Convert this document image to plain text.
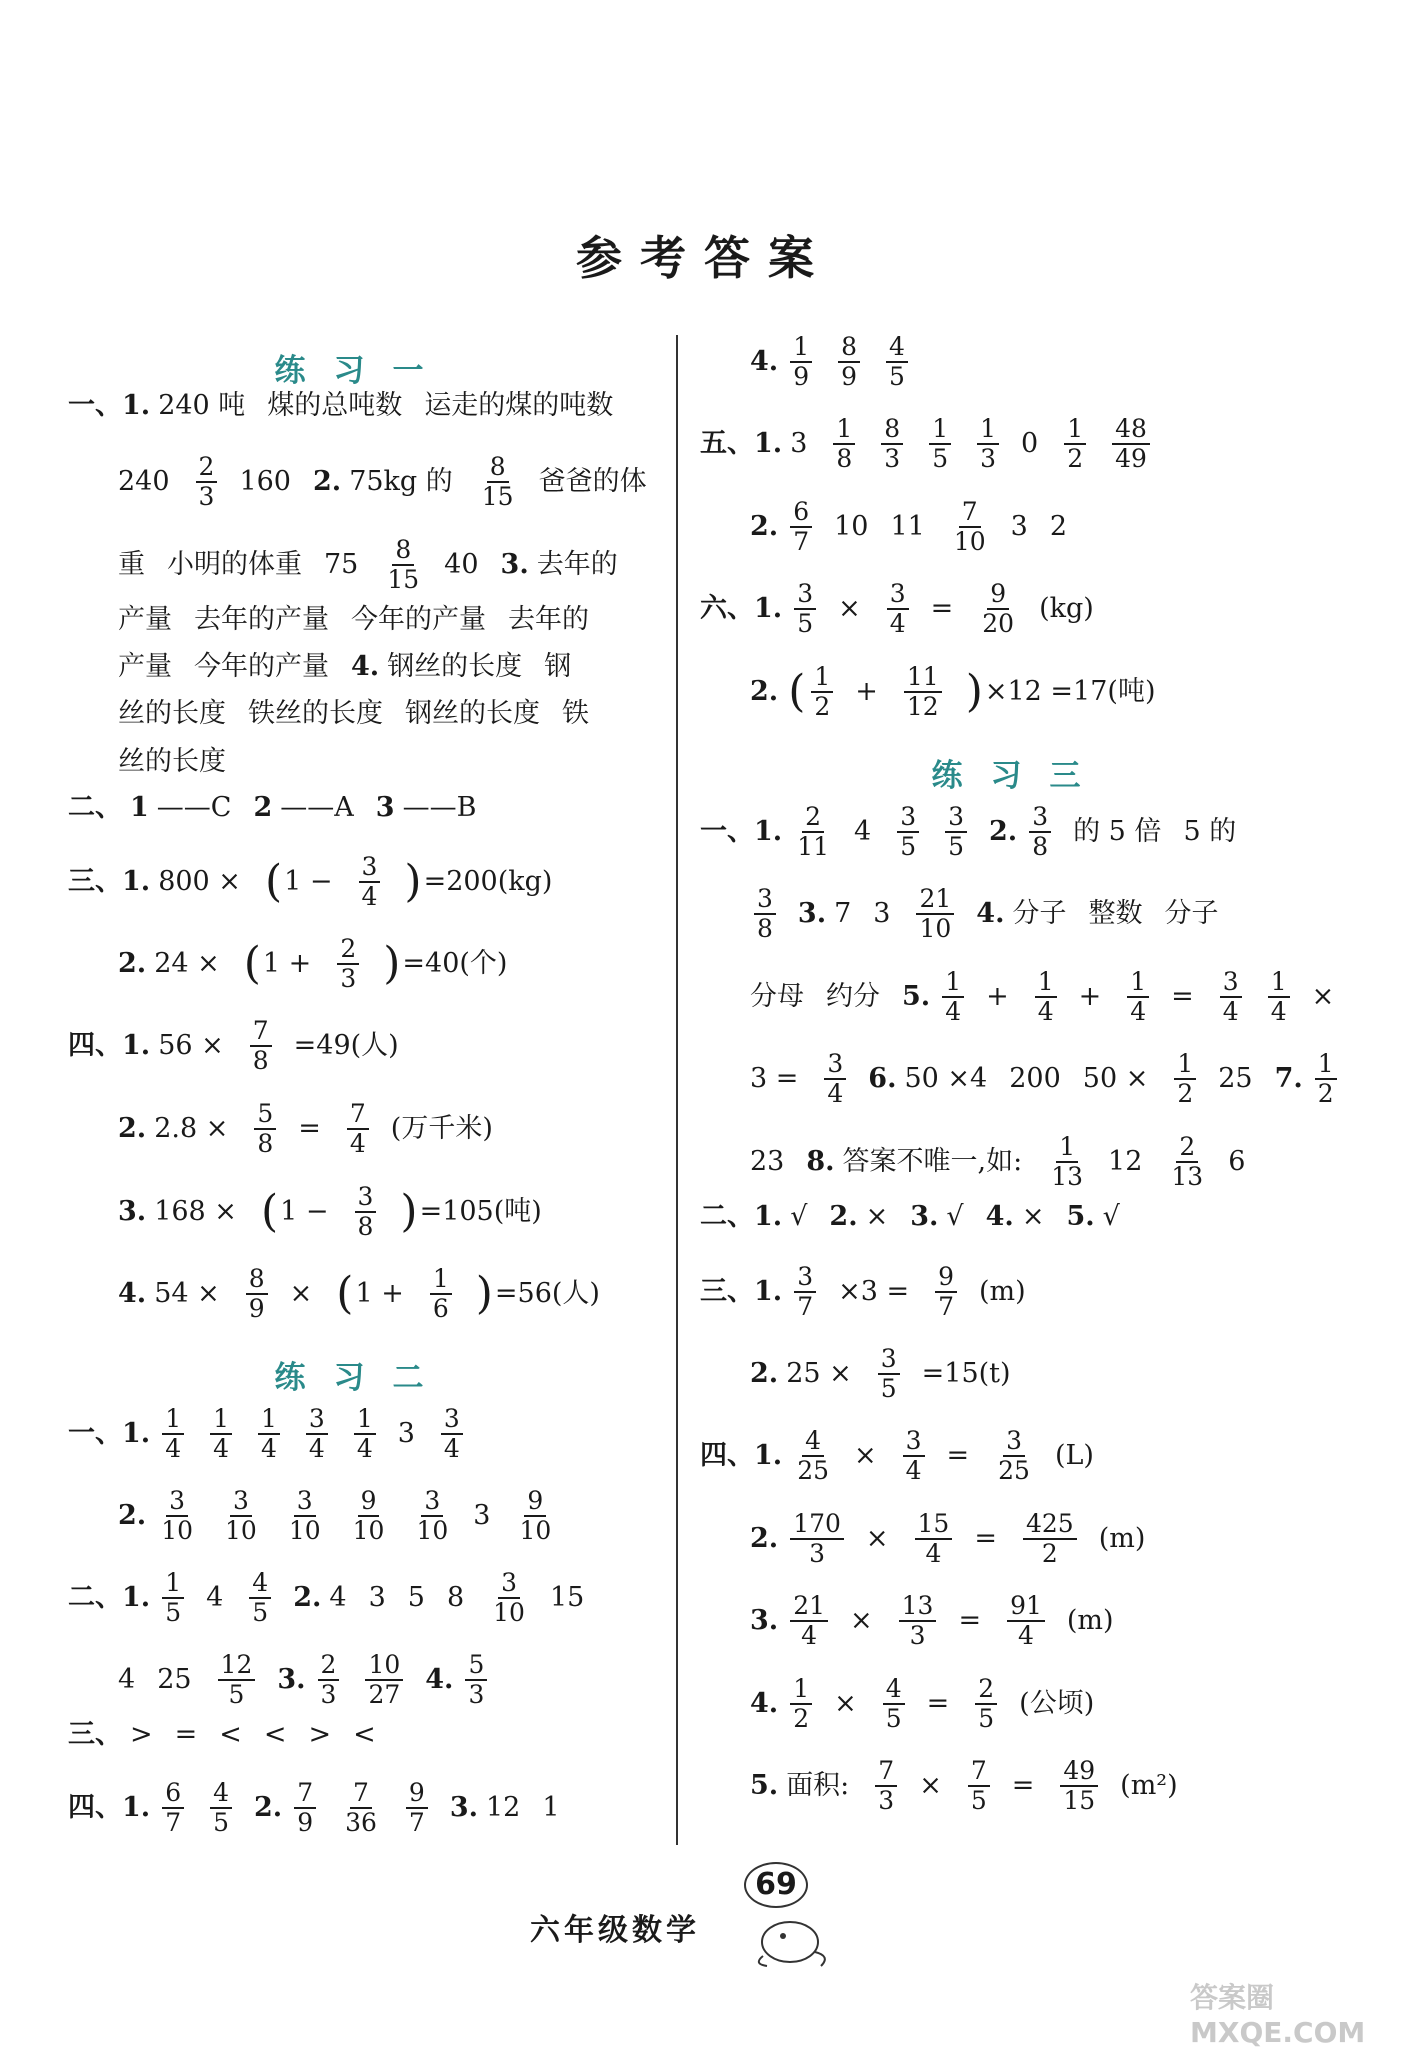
参考答案
练习一
一、1. 240 吨 煤的总吨数 运走的煤的吨数
$240 \frac{2}{3} 160$ 2. 75kg 的 $\frac{8}{15}$ 爸爸的体
重 小明的体重 $75 \frac{8}{15} 40$ 3. 去年的
产量 去年的产量 今年的产量 去年的
产量 今年的产量 4. 钢丝的长度 钢
丝的长度 铁丝的长度 钢丝的长度 铁
丝的长度
二、 1 ——C 2 ——A 3 ——B
三、1. 800 × ( $1 - \frac{3}{4}$ ) =200(kg)
2. 24 × ( $1 + \frac{2}{3}$ ) =40(个)
四、1. $56 \times \frac{7}{8} =49$(人)
2. $2.8 \times \frac{5}{8} = \frac{7}{4}$ (万千米)
3. 168 × ( $1 - \frac{3}{8}$ ) =105(吨)
4. $54 \times \frac{8}{9}$ × ( $1 + \frac{1}{6}$ ) =56(人)
练习二
一、1. $\frac{1}{4} \frac{1}{4} \frac{1}{4} \frac{3}{4} \frac{1}{4} 3 \frac{3}{4}$
2. $\frac{3}{10} \frac{3}{10} \frac{3}{10} \frac{9}{10} \frac{3}{10} 3 \frac{9}{10}$
二、1. $\frac{1}{5} 4 \frac{4}{5} 2$. 4 3 5 $8 \frac{3}{10} 15$
4 $25 \frac{12}{5} 3$. $\frac{2}{3} \frac{10}{27} 4$. $\frac{5}{3}$
三、 > = < < > <
四、1. $\frac{6}{7} \frac{4}{5} 2$. $\frac{7}{9} \frac{7}{36} \frac{9}{7} 3$. 12 1
4. $\frac{1}{9} \frac{8}{9} \frac{4}{5}$
五、1. $3 \frac{1}{8} \frac{8}{3} \frac{1}{5} \frac{1}{3} 0 \frac{1}{2} \frac{48}{49}$
2. $\frac{6}{7} 10$ $11 \frac{7}{10} 3$ 2
六、1. $\frac{3}{5} \times \frac{3}{4} = \frac{9}{20} (kg)$
2. ( $\frac{1}{2} + \frac{11}{12}$ ) ×12 =17(吨)
练习三
一、1. $\frac{2}{11} 4 \frac{3}{5} \frac{3}{5} 2$. $\frac{3}{8}$ 的 5 倍 5 的
$\frac{3}{8} 3$. 7 $3 \frac{21}{10} 4$. 分子 整数 分子
分母 约分 5. $\frac{1}{4} + \frac{1}{4} + \frac{1}{4} = \frac{3}{4} \frac{1}{4}$ ×
$3 = \frac{3}{4} 6$. 50 ×4 200 $50 \times \frac{1}{2} 25$ 7. $\frac{1}{2}$
23 8. 答案不唯一,如: $\frac{1}{13} 12 \frac{2}{13} 6$
二、1. √ 2. × 3. √ 4. × 5. √
三、1. $\frac{3}{7} \times 3 = \frac{9}{7} (m)$
2. $25 \times \frac{3}{5} =15(t)$
四、1. $\frac{4}{25} \times \frac{3}{4} = \frac{3}{25} (L)$
2. $\frac{170}{3} \times \frac{15}{4} = \frac{425}{2} (m)$
3. $\frac{21}{4} \times \frac{13}{3} = \frac{91}{4} (m)$
4. $\frac{1}{2} \times \frac{4}{5} = \frac{2}{5}$ (公顷)
5. 面积: $\frac{7}{3} \times \frac{7}{5} = \frac{49}{15} (m^2)$
69
六年级数学
答案圈 MXQE.COM
